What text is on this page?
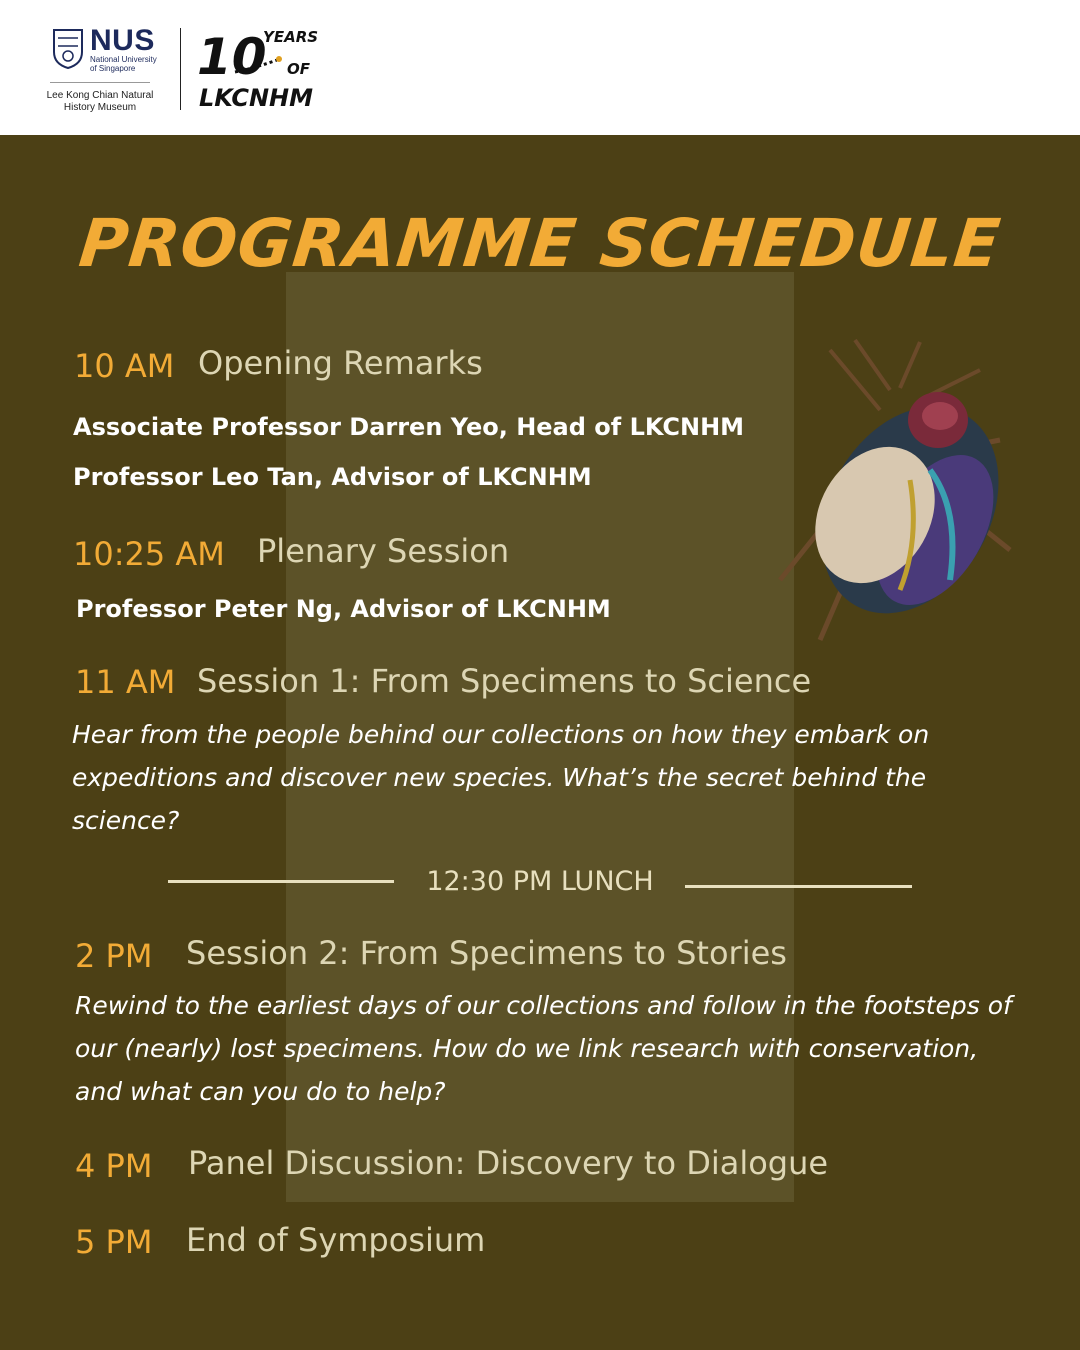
NUS
National University of Singapore
Lee Kong Chian Natural History Museum
10
YEARS
OF
LKCNHM
PROGRAMME SCHEDULE
10 AM Opening Remarks
Associate Professor Darren Yeo, Head of LKCNHM
Professor Leo Tan, Advisor of LKCNHM
10:25 AM Plenary Session
Professor Peter Ng, Advisor of LKCNHM
11 AM Session 1: From Specimens to Science
Hear from the people behind our collections on how they embark on expeditions and discover new species. What’s the secret behind the science?
12:30 PM LUNCH
2 PM Session 2: From Specimens to Stories
Rewind to the earliest days of our collections and follow in the footsteps of our (nearly) lost specimens. How do we link research with conservation, and what can you do to help?
4 PM Panel Discussion: Discovery to Dialogue
5 PM End of Symposium
